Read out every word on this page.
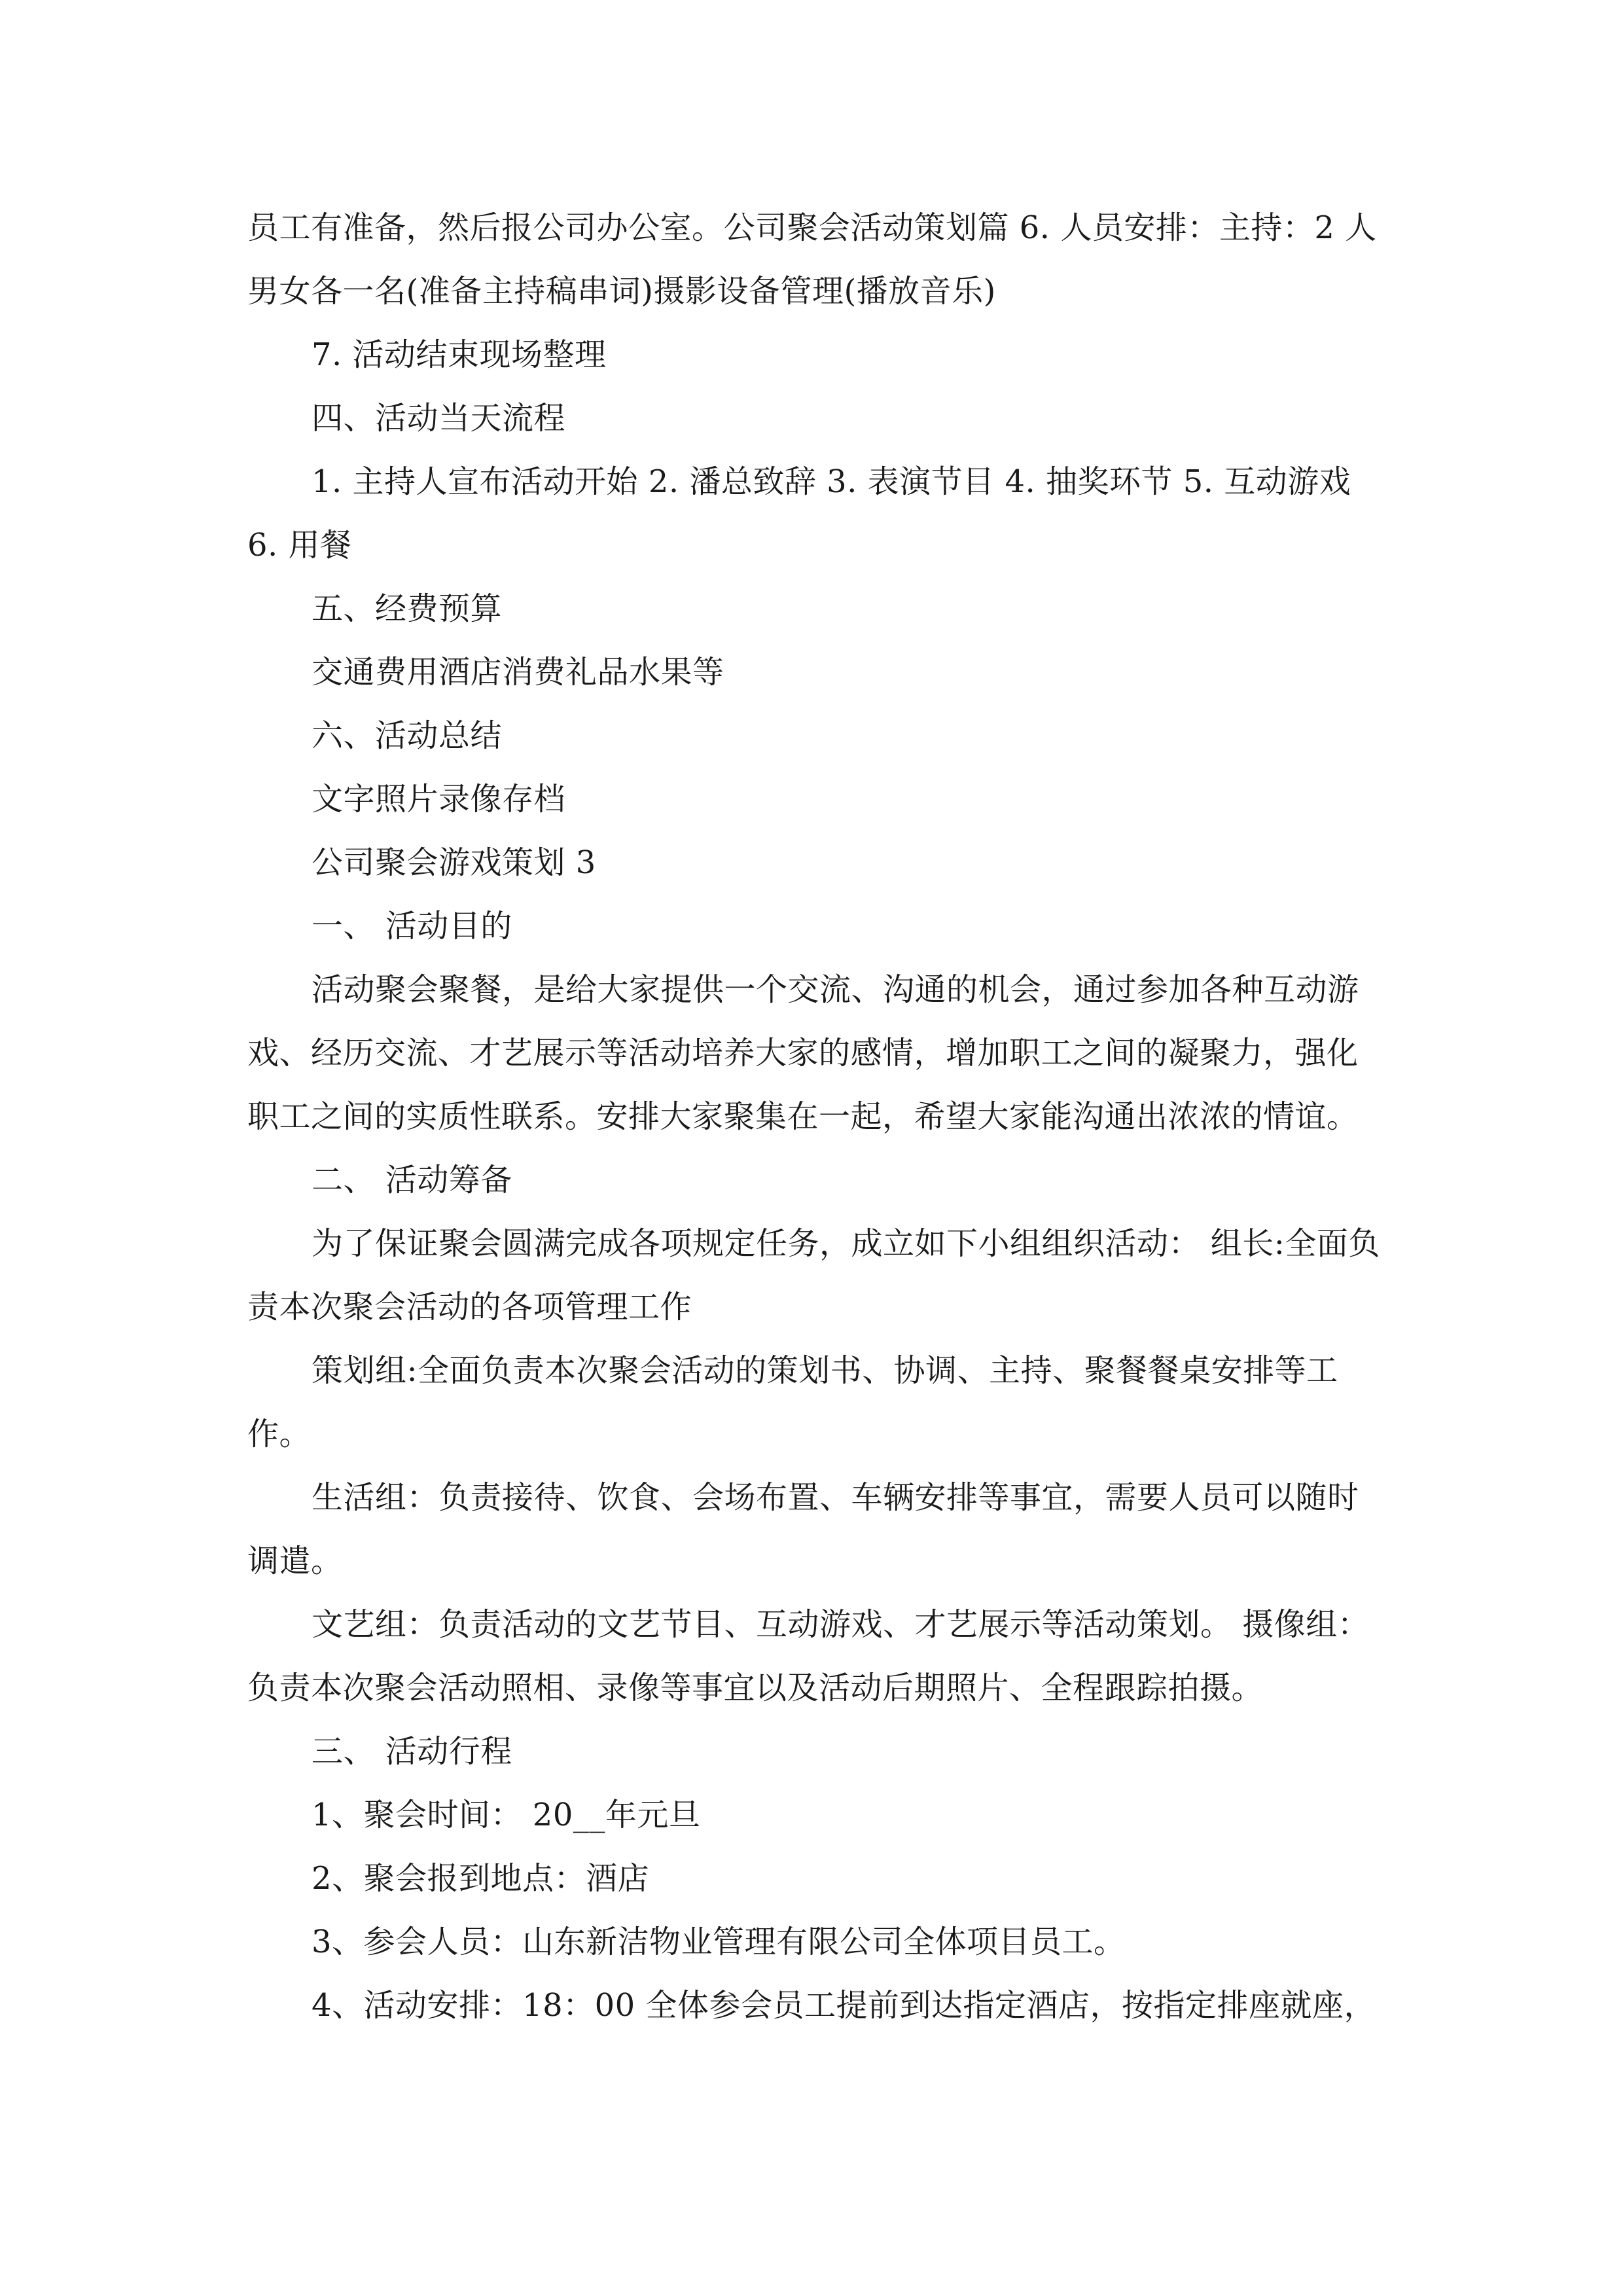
员工有准备，然后报公司办公室。公司聚会活动策划篇 6. 人员安排：主持：2 人男女各一名(准备主持稿串词)摄影设备管理(播放音乐)

7. 活动结束现场整理

四、活动当天流程

1. 主持人宣布活动开始 2. 潘总致辞 3. 表演节目 4. 抽奖环节 5. 互动游戏 6. 用餐

五、经费预算

交通费用酒店消费礼品水果等

六、活动总结

文字照片录像存档

公司聚会游戏策划 3

一、 活动目的

活动聚会聚餐，是给大家提供一个交流、沟通的机会，通过参加各种互动游戏、经历交流、才艺展示等活动培养大家的感情，增加职工之间的凝聚力，强化职工之间的实质性联系。安排大家聚集在一起，希望大家能沟通出浓浓的情谊。

二、 活动筹备

为了保证聚会圆满完成各项规定任务，成立如下小组组织活动： 组长:全面负责本次聚会活动的各项管理工作

策划组:全面负责本次聚会活动的策划书、协调、主持、聚餐餐桌安排等工作。

生活组：负责接待、饮食、会场布置、车辆安排等事宜，需要人员可以随时调遣。

文艺组：负责活动的文艺节目、互动游戏、才艺展示等活动策划。 摄像组：负责本次聚会活动照相、录像等事宜以及活动后期照片、全程跟踪拍摄。

三、 活动行程

1、聚会时间： 20__年元旦

2、聚会报到地点：酒店

3、参会人员：山东新洁物业管理有限公司全体项目员工。

4、活动安排：18：00 全体参会员工提前到达指定酒店，按指定排座就座，
